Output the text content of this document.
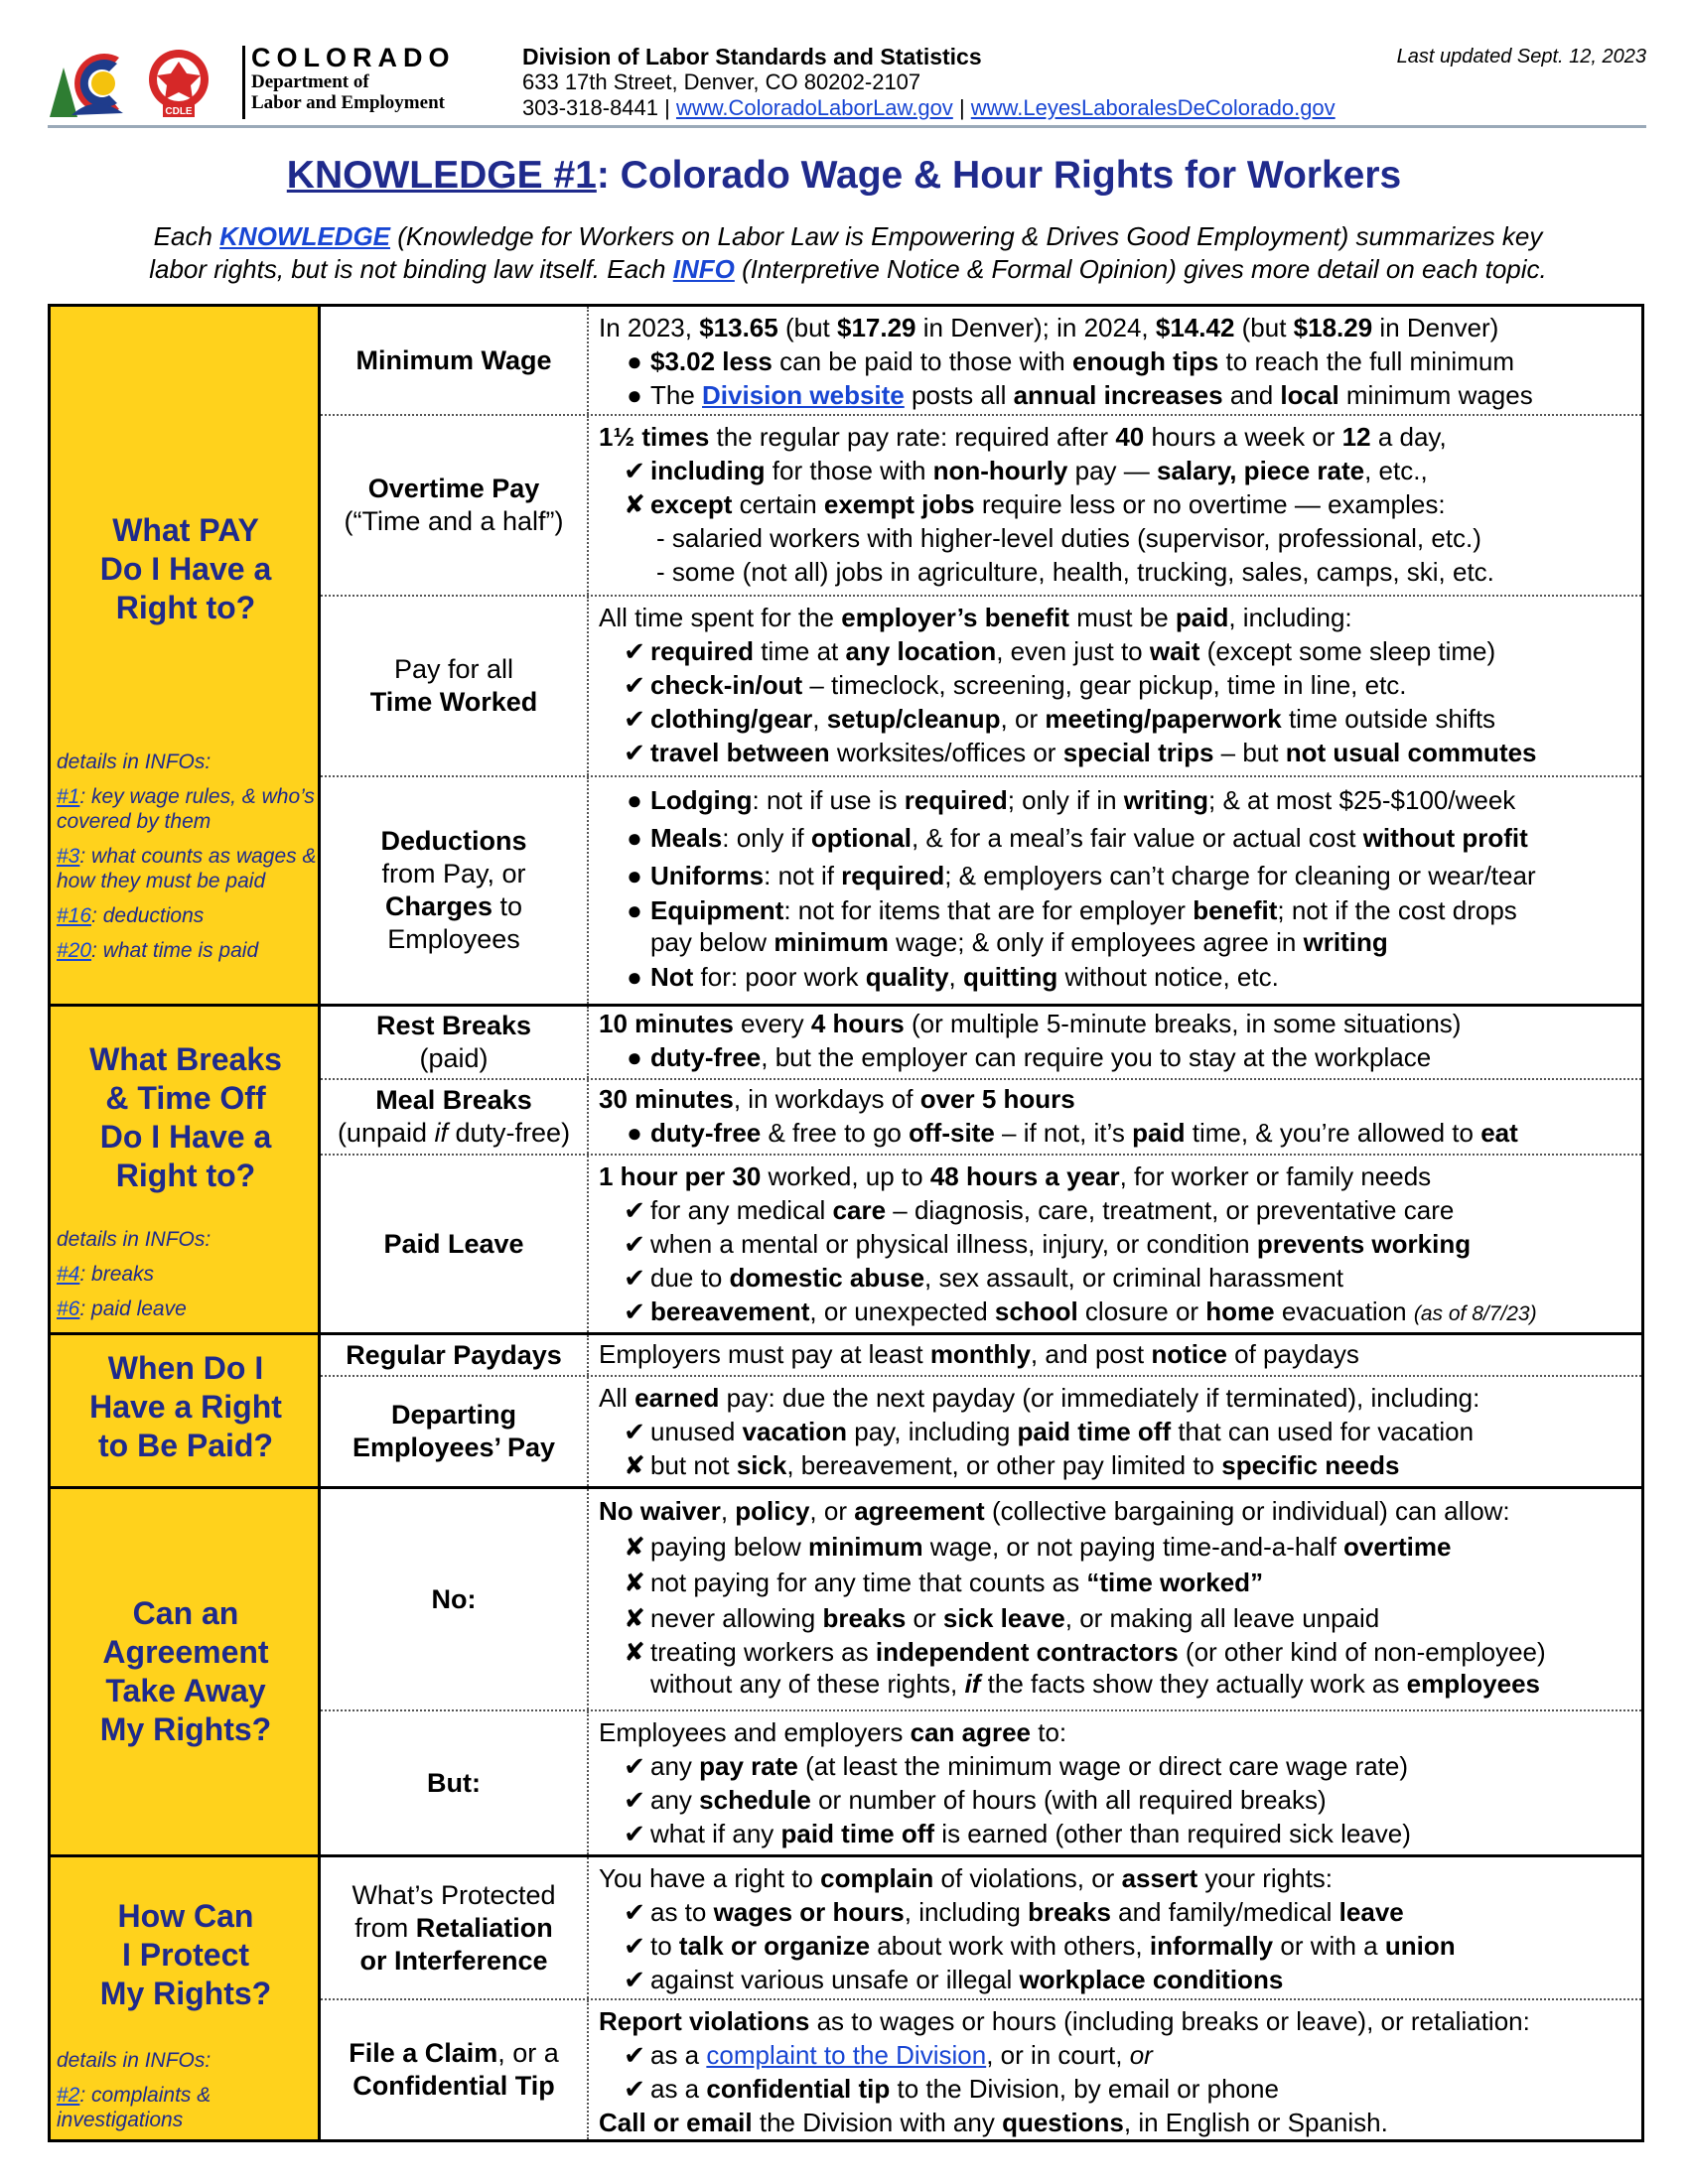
CDLE
COLORADO
Department of
Labor and Employment
Division of Labor Standards and Statistics
633 17th Street, Denver, CO 80202-2107
303-318-8441 | www.ColoradoLaborLaw.gov | www.LeyesLaboralesDeColorado.gov
Last updated Sept. 12, 2023
KNOWLEDGE #1: Colorado Wage & Hour Rights for Workers
Each KNOWLEDGE (Knowledge for Workers on Labor Law is Empowering & Drives Good Employment) summarizes key
labor rights, but is not binding law itself. Each INFO (Interpretive Notice & Formal Opinion) gives more detail on each topic.
What PAY
Do I Have a
Right to?

details in INFOs:

#1: key wage rules, & who’s covered by them

#3: what counts as wages & how they must be paid

#16: deductions

#20: what time is paid

Minimum Wage
In 2023, $13.65 (but $17.29 in Denver); in 2024, $14.42 (but $18.29 in Denver)
● $3.02 less can be paid to those with enough tips to reach the full minimum
● The Division website posts all annual increases and local minimum wages
Overtime Pay
(“Time and a half”)
1½ times the regular pay rate: required after 40 hours a week or 12 a day,
✔ including for those with non-hourly pay — salary, piece rate, etc.,
✘ except certain exempt jobs require less or no overtime — examples:
- salaried workers with higher-level duties (supervisor, professional, etc.)
- some (not all) jobs in agriculture, health, trucking, sales, camps, ski, etc.
Pay for all
Time Worked
All time spent for the employer’s benefit must be paid, including:
✔ required time at any location, even just to wait (except some sleep time)
✔ check-in/out – timeclock, screening, gear pickup, time in line, etc.
✔ clothing/gear, setup/cleanup, or meeting/paperwork time outside shifts
✔ travel between worksites/offices or special trips – but not usual commutes
Deductions
from Pay, or
Charges to
Employees
● Lodging: not if use is required; only if in writing; & at most $25-$100/week
● Meals: only if optional, & for a meal’s fair value or actual cost without profit
● Uniforms: not if required; & employers can’t charge for cleaning or wear/tear
● Equipment: not for items that are for employer benefit; not if the cost drops
pay below minimum wage; & only if employees agree in writing
● Not for: poor work quality, quitting without notice, etc.
What Breaks
& Time Off
Do I Have a
Right to?

details in INFOs:

#4: breaks

#6: paid leave

Rest Breaks
(paid)
10 minutes every 4 hours (or multiple 5-minute breaks, in some situations)
● duty-free, but the employer can require you to stay at the workplace
Meal Breaks
(unpaid if duty-free)
30 minutes, in workdays of over 5 hours
● duty-free & free to go off-site – if not, it’s paid time, & you’re allowed to eat
Paid Leave
1 hour per 30 worked, up to 48 hours a year, for worker or family needs
✔ for any medical care – diagnosis, care, treatment, or preventative care
✔ when a mental or physical illness, injury, or condition prevents working
✔ due to domestic abuse, sex assault, or criminal harassment
✔ bereavement, or unexpected school closure or home evacuation (as of 8/7/23)
When Do I
Have a Right
to Be Paid?
Regular Paydays	Employers must pay at least monthly, and post notice of paydays
Departing
Employees’ Pay
All earned pay: due the next payday (or immediately if terminated), including:
✔ unused vacation pay, including paid time off that can used for vacation
✘ but not sick, bereavement, or other pay limited to specific needs
Can an
Agreement
Take Away
My Rights?
No:
No waiver, policy, or agreement (collective bargaining or individual) can allow:
✘ paying below minimum wage, or not paying time-and-a-half overtime
✘ not paying for any time that counts as “time worked”
✘ never allowing breaks or sick leave, or making all leave unpaid
✘ treating workers as independent contractors (or other kind of non-employee)
without any of these rights, if the facts show they actually work as employees
But:
Employees and employers can agree to:
✔ any pay rate (at least the minimum wage or direct care wage rate)
✔ any schedule or number of hours (with all required breaks)
✔ what if any paid time off is earned (other than required sick leave)
How Can
I Protect
My Rights?

details in INFOs:

#2: complaints & investigations

What’s Protected
from Retaliation
or Interference
You have a right to complain of violations, or assert your rights:
✔ as to wages or hours, including breaks and family/medical leave
✔ to talk or organize about work with others, informally or with a union
✔ against various unsafe or illegal workplace conditions
File a Claim, or a
Confidential Tip
Report violations as to wages or hours (including breaks or leave), or retaliation:
✔ as a complaint to the Division, or in court, or
✔ as a confidential tip to the Division, by email or phone
Call or email the Division with any questions, in English or Spanish.
